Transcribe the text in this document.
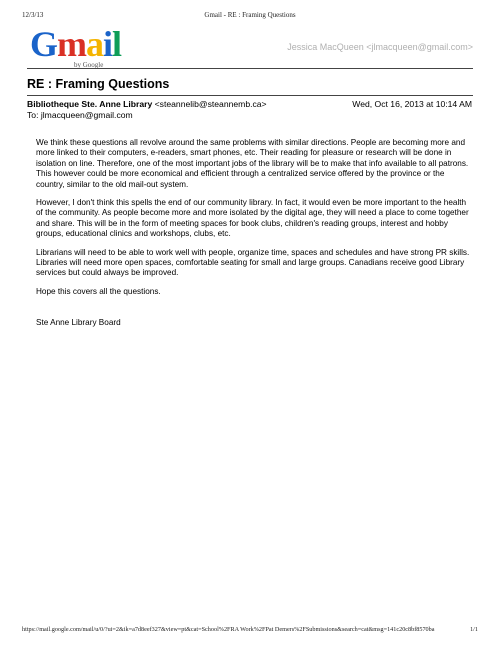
12/3/13	Gmail - RE : Framing Questions
Gmail
by Google
Jessica MacQueen <jlmacqueen@gmail.com>
RE : Framing Questions
Bibliotheque Ste. Anne Library <steannelib@steannemb.ca>	Wed, Oct 16, 2013 at 10:14 AM
To: jlmacqueen@gmail.com

We think these questions all revolve around the same problems with similar directions. People are becoming more and more linked to their computers, e-readers, smart phones, etc. Their reading for pleasure or research will be done in isolation on line. Therefore, one of the most important jobs of the library will be to make that info available to all patrons. This however could be more economical and efficient through a centralized service offered by the province or the country, similar to the old mail-out system.

However, I don't think this spells the end of our community library. In fact, it would even be more important to the health of the community. As people become more and more isolated by the digital age, they will need a place to come together and share. This will be in the form of meeting spaces for book clubs, children's reading groups, interest and hobby groups, educational clinics and workshops, clubs, etc.

Librarians will need to be able to work well with people, organize time, spaces and schedules and have strong PR skills. Libraries will need more open spaces, comfortable seating for small and large groups. Canadians receive good Library services but could always be improved.

Hope this covers all the questions.

Ste Anne Library Board
https://mail.google.com/mail/u/0/?ui=2&ik=a7d8eef327&view=pt&cat=School%2FRA Work%2FPat Demers%2FSubmissions&search=cat&msg=141c20c8bf8570ba	1/1
